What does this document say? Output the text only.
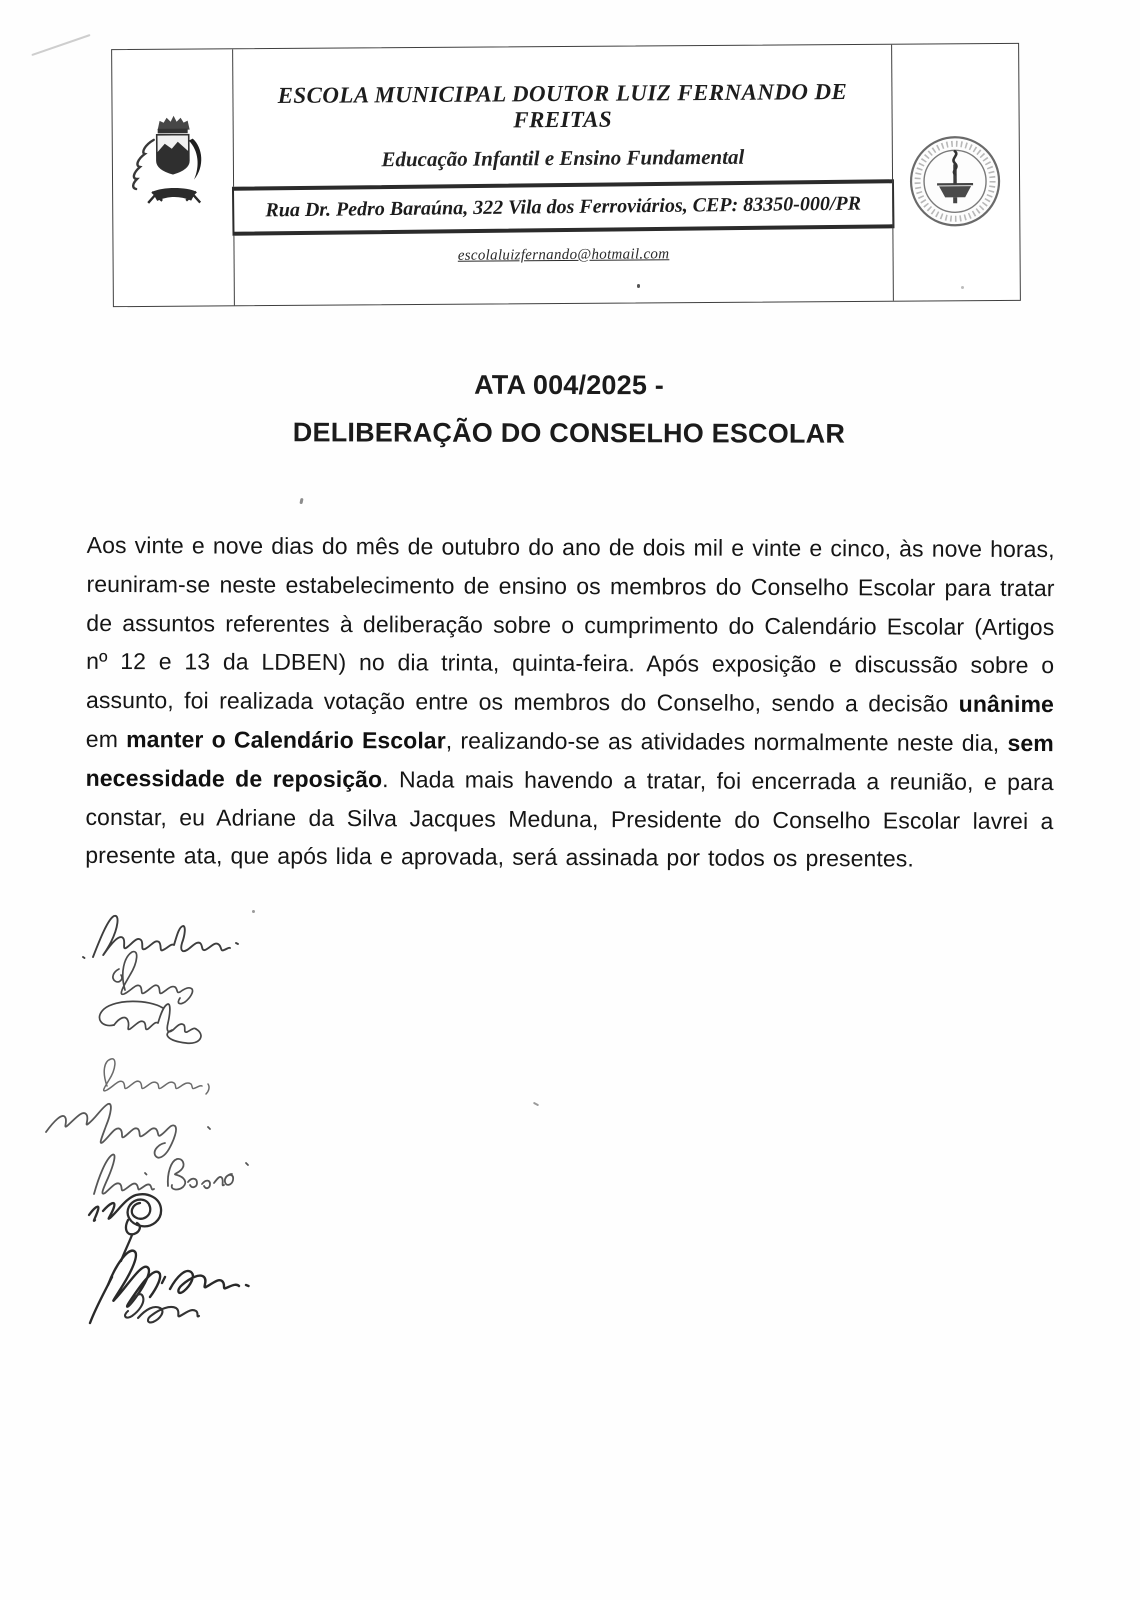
ESCOLA MUNICIPAL DOUTOR LUIZ FERNANDO DE FREITAS
Educação Infantil e Ensino Fundamental
Rua Dr. Pedro Baraúna, 322 Vila dos Ferroviários, CEP: 83350-000/PR
escolaluizfernando@hotmail.com
ATA 004/2025 -
DELIBERAÇÃO DO CONSELHO ESCOLAR

Aos vinte e nove dias do mês de outubro do ano de dois mil e vinte e cinco, às nove horas, reuniram-se neste estabelecimento de ensino os membros do Conselho Escolar para tratar de assuntos referentes à deliberação sobre o cumprimento do Calendário Escolar (Artigos nº 12 e 13 da LDBEN) no dia trinta, quinta-feira. Após exposição e discussão sobre o assunto, foi realizada votação entre os membros do Conselho, sendo a decisão unânime em manter o Calendário Escolar, realizando-se as atividades normalmente neste dia, sem necessidade de reposição. Nada mais havendo a tratar, foi encerrada a reunião, e para constar, eu Adriane da Silva Jacques Meduna, Presidente do Conselho Escolar lavrei a presente ata, que após lida e aprovada, será assinada por todos os presentes.
